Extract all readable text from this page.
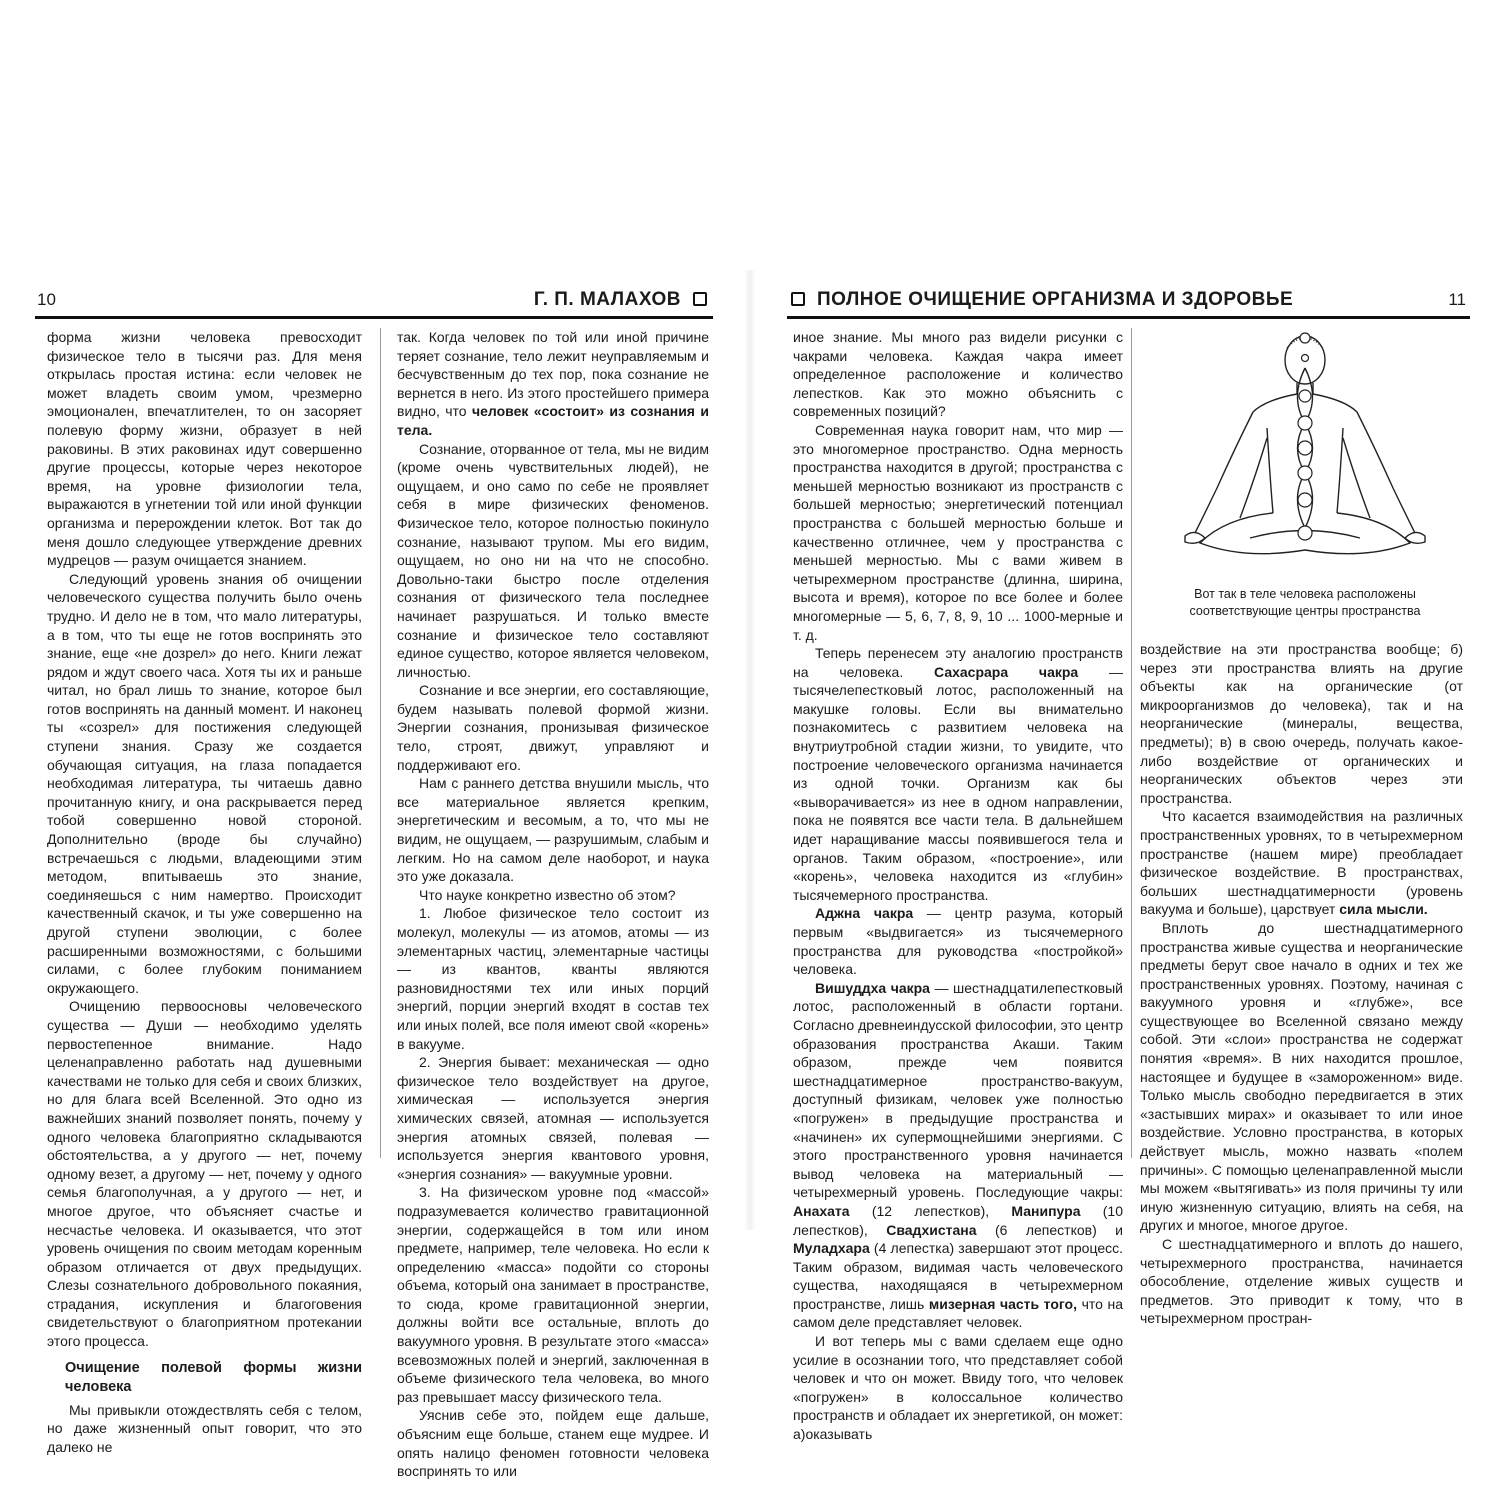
10	Г. П. МАЛАХОВ

форма жизни человека превосходит физическое тело в тысячи раз. Для меня открылась простая истина: если человек не может владеть своим умом, чрезмерно эмоционален, впечатлителен, то он засоряет полевую форму жизни, образует в ней раковины. В этих раковинах идут совершенно другие процессы, которые через некоторое время, на уровне физиологии тела, выражаются в угнетении той или иной функции организма и перерождении клеток. Вот так до меня дошло следующее утверждение древних мудрецов — разум очищается знанием.

Следующий уровень знания об очищении человеческого существа получить было очень трудно. И дело не в том, что мало литературы, а в том, что ты еще не готов воспринять это знание, еще «не дозрел» до него. Книги лежат рядом и ждут своего часа. Хотя ты их и раньше читал, но брал лишь то знание, которое был готов воспринять на данный момент. И наконец ты «созрел» для постижения следующей ступени знания. Сразу же создается обучающая ситуация, на глаза попадается необходимая литература, ты читаешь давно прочитанную книгу, и она раскрывается перед тобой совершенно новой стороной. Дополнительно (вроде бы случайно) встречаешься с людьми, владеющими этим методом, впитываешь это знание, соединяешься с ним намертво. Происходит качественный скачок, и ты уже совершенно на другой ступени эволюции, с более расширенными возможностями, с большими силами, с более глубоким пониманием окружающего.

Очищению первоосновы человеческого существа — Души — необходимо уделять первостепенное внимание. Надо целенаправленно работать над душевными качествами не только для себя и своих близких, но для блага всей Вселенной. Это одно из важнейших знаний позволяет понять, почему у одного человека благоприятно складываются обстоятельства, а у другого — нет, почему одному везет, а другому — нет, почему у одного семья благополучная, а у другого — нет, и многое другое, что объясняет счастье и несчастье человека. И оказывается, что этот уровень очищения по своим методам коренным образом отличается от двух предыдущих. Слезы сознательного добровольного покаяния, страдания, искупления и благоговения свидетельствуют о благоприятном протекании этого процесса.

Очищение полевой формы жизни человека

Мы привыкли отождествлять себя с телом, но даже жизненный опыт говорит, что это далеко не

так. Когда человек по той или иной причине теряет сознание, тело лежит неуправляемым и бесчувственным до тех пор, пока сознание не вернется в него. Из этого простейшего примера видно, что человек «состоит» из сознания и тела.

Сознание, оторванное от тела, мы не видим (кроме очень чувствительных людей), не ощущаем, и оно само по себе не проявляет себя в мире физических феноменов. Физическое тело, которое полностью покинуло сознание, называют трупом. Мы его видим, ощущаем, но оно ни на что не способно. Довольно-таки быстро после отделения сознания от физического тела последнее начинает разрушаться. И только вместе сознание и физическое тело составляют единое существо, которое является человеком, личностью.

Сознание и все энергии, его составляющие, будем называть полевой формой жизни. Энергии сознания, пронизывая физическое тело, строят, движут, управляют и поддерживают его.

Нам с раннего детства внушили мысль, что все материальное является крепким, энергетическим и весомым, а то, что мы не видим, не ощущаем, — разрушимым, слабым и легким. Но на самом деле наоборот, и наука это уже доказала.

Что науке конкретно известно об этом?

1. Любое физическое тело состоит из молекул, молекулы — из атомов, атомы — из элементарных частиц, элементарные частицы — из квантов, кванты являются разновидностями тех или иных порций энергий, порции энергий входят в состав тех или иных полей, все поля имеют свой «корень» в вакууме.

2. Энергия бывает: механическая — одно физическое тело воздействует на другое, химическая — используется энергия химических связей, атомная — используется энергия атомных связей, полевая — используется энергия квантового уровня, «энергия сознания» — вакуумные уровни.

3. На физическом уровне под «массой» подразумевается количество гравитационной энергии, содержащейся в том или ином предмете, например, теле человека. Но если к определению «масса» подойти со стороны объема, который она занимает в пространстве, то сюда, кроме гравитационной энергии, должны войти все остальные, вплоть до вакуумного уровня. В результате этого «масса» всевозможных полей и энергий, заключенная в объеме физического тела человека, во много раз превышает массу физического тела.

Уяснив себе это, пойдем еще дальше, объясним еще больше, станем еще мудрее. И опять налицо феномен готовности человека воспринять то или

ПОЛНОЕ ОЧИЩЕНИЕ ОРГАНИЗМА И ЗДОРОВЬЕ	11

иное знание. Мы много раз видели рисунки с чакрами человека. Каждая чакра имеет определенное расположение и количество лепестков. Как это можно объяснить с современных позиций?

Современная наука говорит нам, что мир — это многомерное пространство. Одна мерность пространства находится в другой; пространства с меньшей мерностью возникают из пространств с большей мерностью; энергетический потенциал пространства с большей мерностью больше и качественно отличнее, чем у пространства с меньшей мерностью. Мы с вами живем в четырехмерном пространстве (длинна, ширина, высота и время), которое по все более и более многомерные — 5, 6, 7, 8, 9, 10 ... 1000-мерные и т. д.

Теперь перенесем эту аналогию пространств на человека. Сахасрара чакра — тысячелепестковый лотос, расположенный на макушке головы. Если вы внимательно познакомитесь с развитием человека на внутриутробной стадии жизни, то увидите, что построение человеческого организма начинается из одной точки. Организм как бы «выворачивается» из нее в одном направлении, пока не появятся все части тела. В дальнейшем идет наращивание массы появившегося тела и органов. Таким образом, «построение», или «корень», человека находится из «глубин» тысячемерного пространства.

Аджна чакра — центр разума, который первым «выдвигается» из тысячемерного пространства для руководства «постройкой» человека.

Вишуддха чакра — шестнадцатилепестковый лотос, расположенный в области гортани. Согласно древнеиндусской философии, это центр образования пространства Акаши. Таким образом, прежде чем появится шестнадцатимерное пространство-вакуум, доступный физикам, человек уже полностью «погружен» в предыдущие пространства и «начинен» их супермощнейшими энергиями. С этого пространственного уровня начинается вывод человека на материальный — четырехмерный уровень. Последующие чакры: Анахата (12 лепестков), Манипура (10 лепестков), Свадхистана (6 лепестков) и Муладхара (4 лепестка) завершают этот процесс. Таким образом, видимая часть человеческого существа, находящаяся в четырехмерном пространстве, лишь мизерная часть того, что на самом деле представляет человек.

И вот теперь мы с вами сделаем еще одно усилие в осознании того, что представляет собой человек и что он может. Ввиду того, что человек «погружен» в колоссальное количество пространств и обладает их энергетикой, он может: а)оказывать

Вот так в теле человека расположены
соответствующие центры пространства

воздействие на эти пространства вообще; б) через эти пространства влиять на другие объекты как на органические (от микроорганизмов до человека), так и на неорганические (минералы, вещества, предметы); в) в свою очередь, получать какое-либо воздействие от органических и неорганических объектов через эти пространства.

Что касается взаимодействия на различных пространственных уровнях, то в четырехмерном пространстве (нашем мире) преобладает физическое воздействие. В пространствах, больших шестнадцатимерности (уровень вакуума и больше), царствует сила мысли.

Вплоть до шестнадцатимерного пространства живые существа и неорганические предметы берут свое начало в одних и тех же пространственных уровнях. Поэтому, начиная с вакуумного уровня и «глубже», все существующее во Вселенной связано между собой. Эти «слои» пространства не содержат понятия «время». В них находится прошлое, настоящее и будущее в «замороженном» виде. Только мысль свободно передвигается в этих «застывших мирах» и оказывает то или иное воздействие. Условно пространства, в которых действует мысль, можно назвать «полем причины». С помощью целенаправленной мысли мы можем «вытягивать» из поля причины ту или иную жизненную ситуацию, влиять на себя, на других и многое, многое другое.

С шестнадцатимерного и вплоть до нашего, четырехмерного пространства, начинается обособление, отделение живых существ и предметов. Это приводит к тому, что в четырехмерном простран-
